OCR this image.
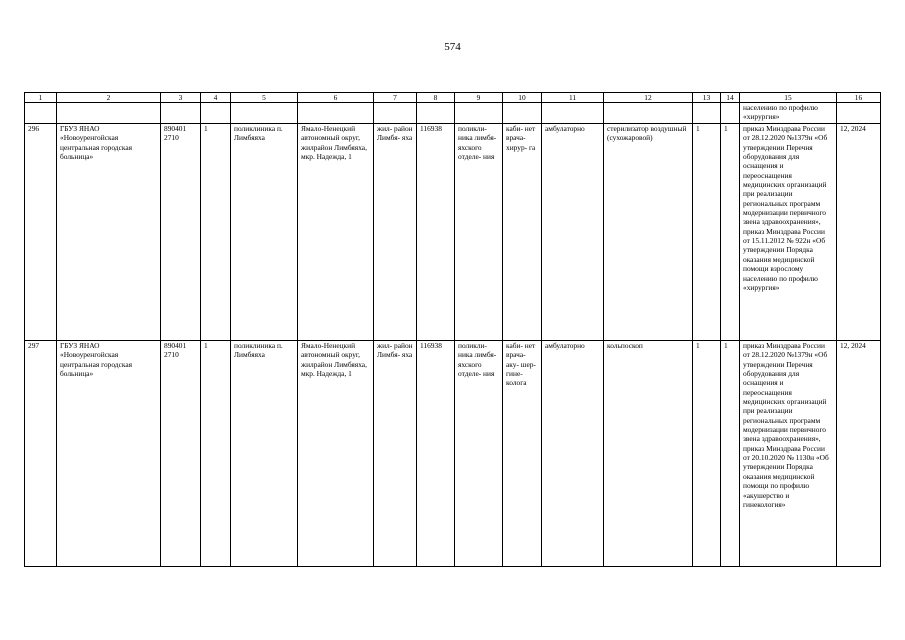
574
1	2	3	4	5	6	7	8	9	10	11	12	13	14	15	16
														населению по профилю «хирургия»	
296	ГБУЗ ЯНАО «Новоуренгойская центральная городская больница»	890401 2710	1	поликлиника п. Лимбяяха	Ямало-Ненецкий автономный округ, жилрайон Лимбяяха, мкр. Надежда, 1	жил- район Лимбя- яха	116938	поликли- ника лимбя- яхского отделе- ния	каби- нет врача- хирур- га	амбулаторно	стерилизатор воздушный (сухожаровой)	1	1	приказ Минздрава России от 28.12.2020 №1379н «Об утверждении Перечня оборудования для оснащения и переоснащения медицинских организаций при реализации региональных программ модернизации первичного звена здравоохранения», приказ Минздрава России от 15.11.2012 № 922н «Об утверждении Порядка оказания медицинской помощи взрослому населению по профилю «хирургия»	12, 2024
297	ГБУЗ ЯНАО «Новоуренгойская центральная городская больница»	890401 2710	1	поликлиника п. Лимбяяха	Ямало-Ненецкий автономный округ, жилрайон Лимбяяха, мкр. Надежда, 1	жил- район Лимбя- яха	116938	поликли- ника лимбя- яхского отделе- ния	каби- нет врача- аку- шер- гине- колога	амбулаторно	кольпоскоп	1	1	приказ Минздрава России от 28.12.2020 №1379н «Об утверждении Перечня оборудования для оснащения и переоснащения медицинских организаций при реализации региональных программ модернизации первичного звена здравоохранения», приказ Минздрава России от 20.10.2020 № 1130н «Об утверждении Порядка оказания медицинской помощи по профилю «акушерство и гинекология»	12, 2024
